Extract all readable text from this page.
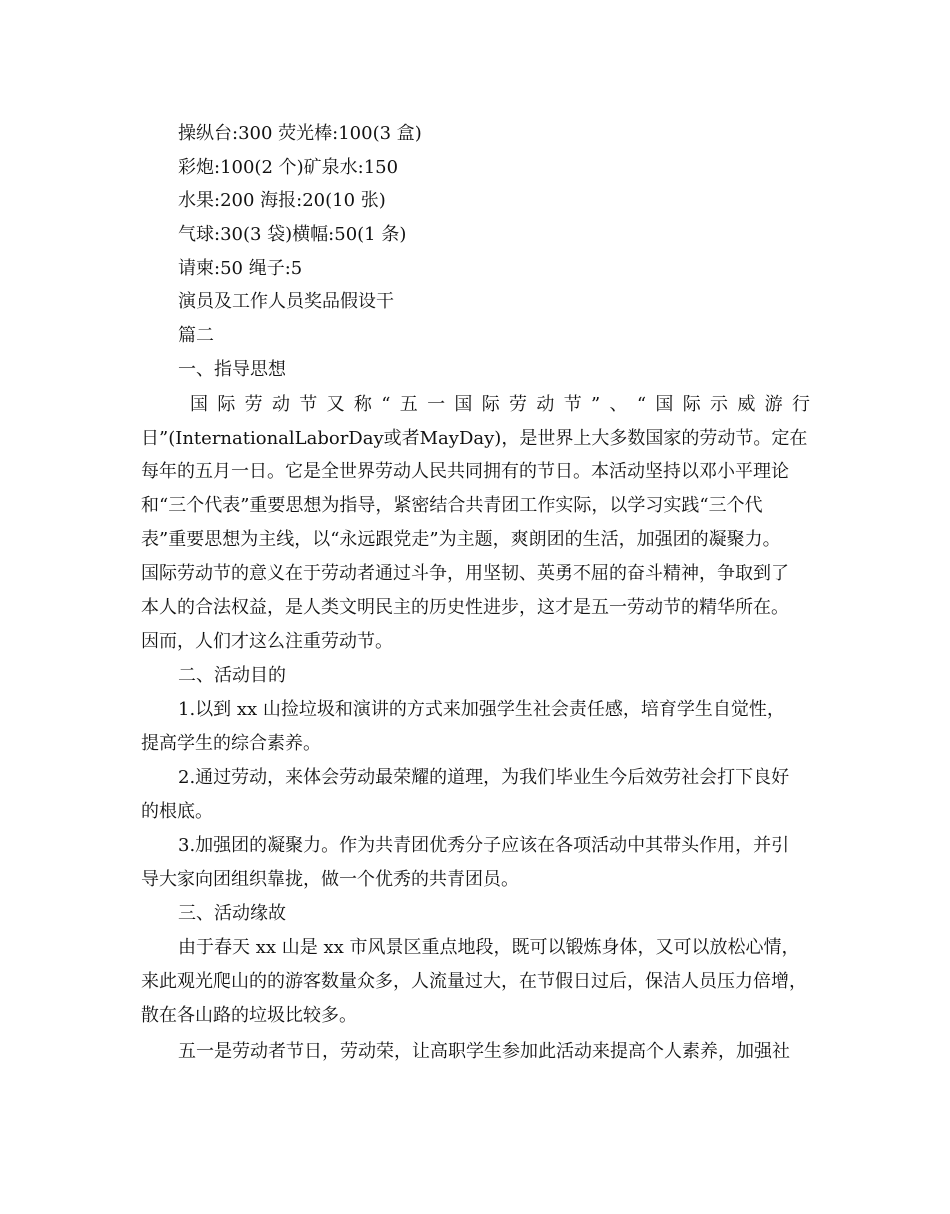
操纵台:300 荧光棒:100(3 盒)
彩炮:100(2 个)矿泉水:150
水果:200 海报:20(10 张)
气球:30(3 袋)横幅:50(1 条)
请柬:50 绳子:5
演员及工作人员奖品假设干
篇二
一、指导思想
国际劳动节又称“五一国际劳动节”、“国际示威游行
日”(InternationalLaborDay或者MayDay)，是世界上大多数国家的劳动节。定在
每年的五月一日。它是全世界劳动人民共同拥有的节日。本活动坚持以邓小平理论
和“三个代表”重要思想为指导，紧密结合共青团工作实际，以学习实践“三个代
表”重要思想为主线，以“永远跟党走”为主题，爽朗团的生活，加强团的凝聚力。
国际劳动节的意义在于劳动者通过斗争，用坚韧、英勇不屈的奋斗精神，争取到了
本人的合法权益，是人类文明民主的历史性进步，这才是五一劳动节的精华所在。
因而，人们才这么注重劳动节。
二、活动目的
1.以到 xx 山捡垃圾和演讲的方式来加强学生社会责任感，培育学生自觉性，
提高学生的综合素养。
2.通过劳动，来体会劳动最荣耀的道理，为我们毕业生今后效劳社会打下良好
的根底。
3.加强团的凝聚力。作为共青团优秀分子应该在各项活动中其带头作用，并引
导大家向团组织靠拢，做一个优秀的共青团员。
三、活动缘故
由于春天 xx 山是 xx 市风景区重点地段，既可以锻炼身体，又可以放松心情，
来此观光爬山的的游客数量众多，人流量过大，在节假日过后，保洁人员压力倍增，
散在各山路的垃圾比较多。
五一是劳动者节日，劳动荣，让高职学生参加此活动来提高个人素养，加强社
